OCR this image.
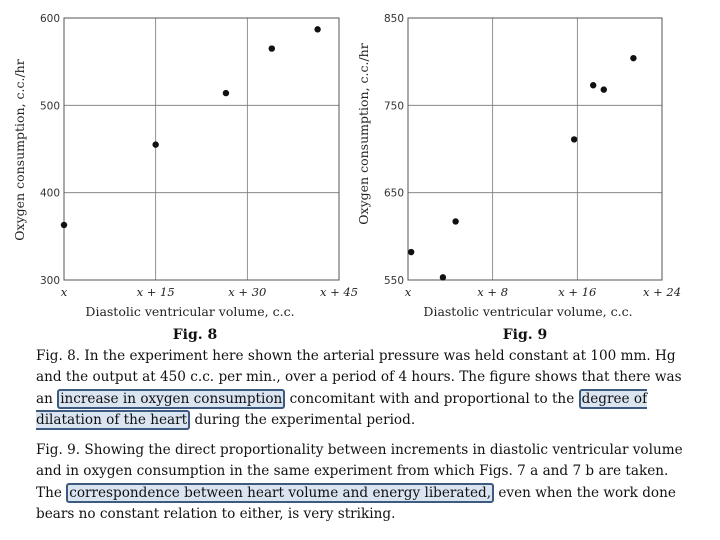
300
400
500
600
x	x + 15	x + 30	x + 45
Oxygen consumption, c.c./hr
Diastolic ventricular volume, c.c.
Fig. 8
550
650
750
850
x	x + 8	x + 16	x + 24
Oxygen consumption, c.c./hr
Diastolic ventricular volume, c.c.
Fig. 9
Fig. 8. In the experiment here shown the arterial pressure was held constant at 100 mm. Hg and the output at 450 c.c. per min., over a period of 4 hours. The figure shows that there was an increase in oxygen consumption concomitant with and proportional to the degree of dilatation of the heart during the experimental period.
Fig. 9. Showing the direct proportionality between increments in diastolic ventricular volume and in oxygen consumption in the same experiment from which Figs. 7 a and 7 b are taken. The correspondence between heart volume and energy liberated, even when the work done bears no constant relation to either, is very striking.
